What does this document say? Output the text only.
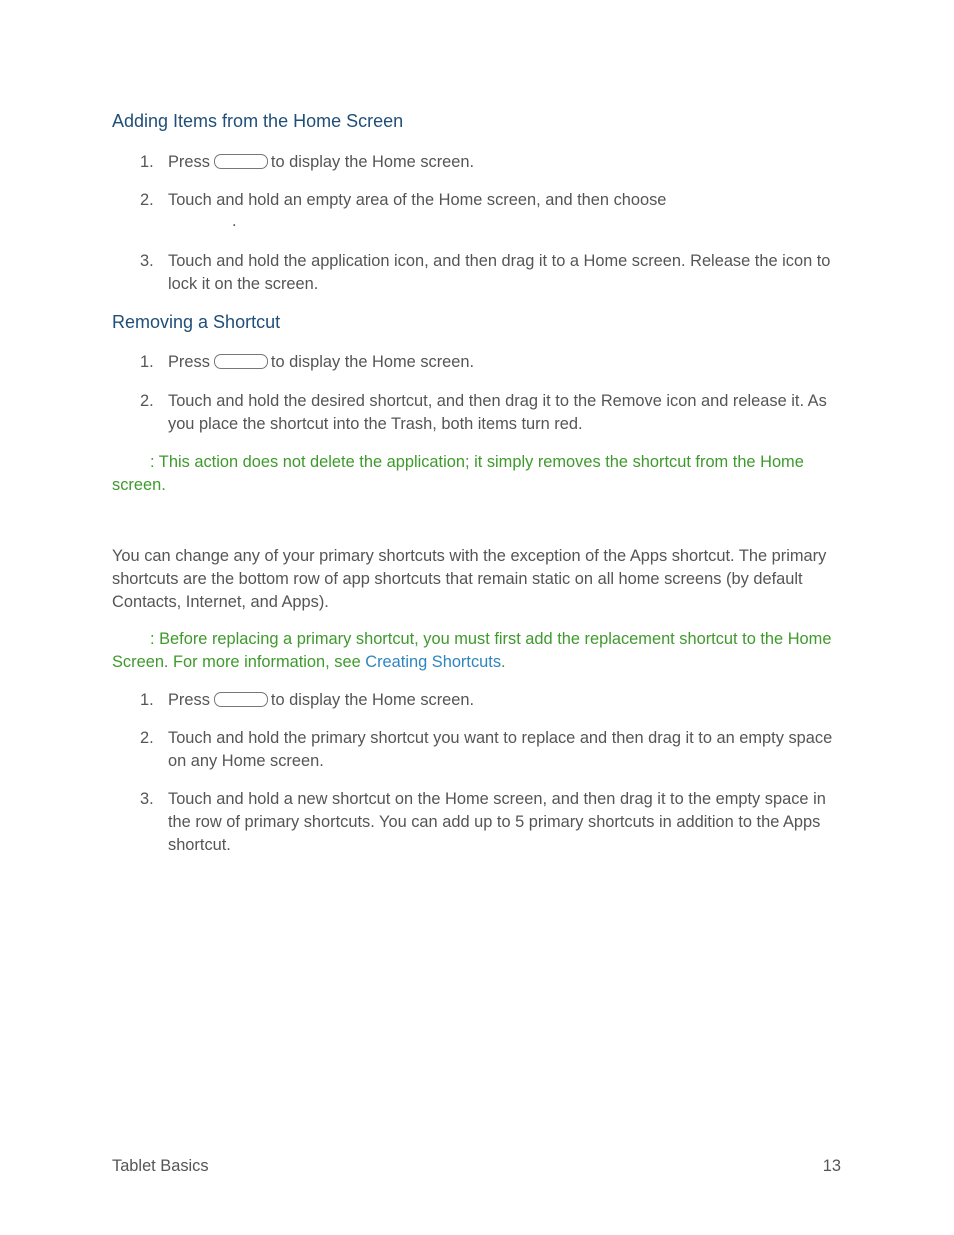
Adding Items from the Home Screen
1. Press	to display the Home screen.
2. Touch and hold an empty area of the Home screen, and then choose
.
3. Touch and hold the application icon, and then drag it to a Home screen. Release the icon to lock it on the screen.
Removing a Shortcut
1. Press	to display the Home screen.
2. Touch and hold the desired shortcut, and then drag it to the Remove icon and release it. As you place the shortcut into the Trash, both items turn red.

: This action does not delete the application; it simply removes the shortcut from the Home screen.

You can change any of your primary shortcuts with the exception of the Apps shortcut. The primary shortcuts are the bottom row of app shortcuts that remain static on all home screens (by default Contacts, Internet, and Apps).

: Before replacing a primary shortcut, you must first add the replacement shortcut to the Home Screen. For more information, see Creating Shortcuts.

1. Press	to display the Home screen.
2. Touch and hold the primary shortcut you want to replace and then drag it to an empty space on any Home screen.
3. Touch and hold a new shortcut on the Home screen, and then drag it to the empty space in the row of primary shortcuts. You can add up to 5 primary shortcuts in addition to the Apps shortcut.
Tablet Basics	13
